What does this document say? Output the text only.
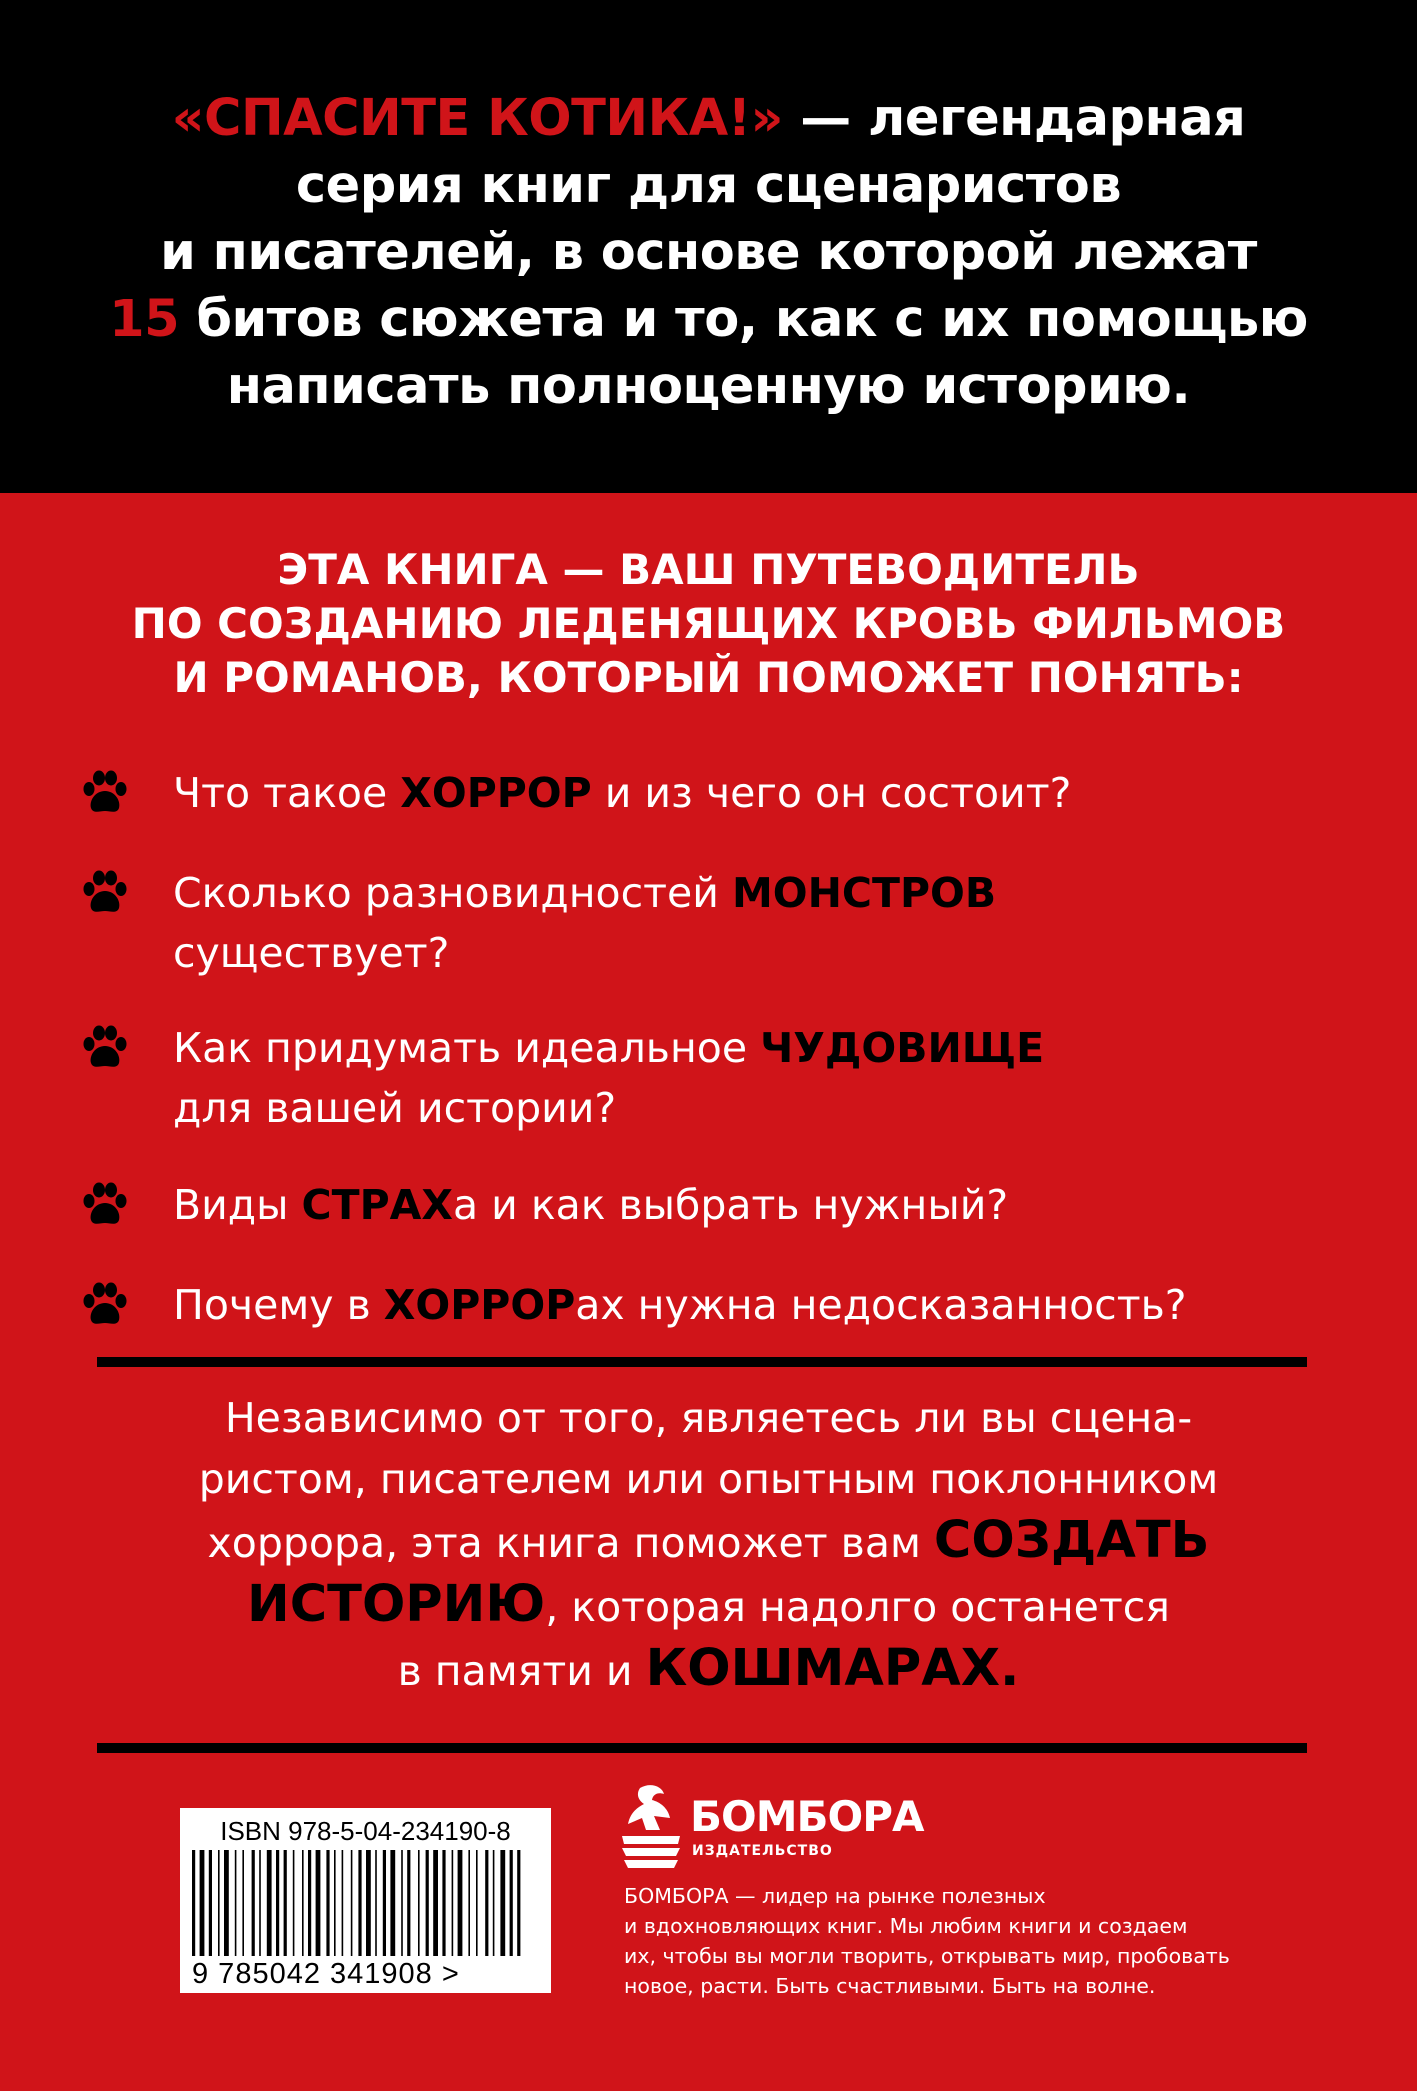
«СПАСИТЕ КОТИКА!» — легендарная
серия книг для сценаристов
и писателей, в основе которой лежат
15 битов сюжета и то, как с их помощью
написать полноценную историю.
ЭТА КНИГА — ВАШ ПУТЕВОДИТЕЛЬ
ПО СОЗДАНИЮ ЛЕДЕНЯЩИХ КРОВЬ ФИЛЬМОВ
И РОМАНОВ, КОТОРЫЙ ПОМОЖЕТ ПОНЯТЬ:
Что такое ХОРРОР и из чего он состоит?
Сколько разновидностей МОНСТРОВ
существует?
Как придумать идеальное ЧУДОВИЩЕ
для вашей истории?
Виды СТРАХа и как выбрать нужный?
Почему в ХОРРОРах нужна недосказанность?
Независимо от того, являетесь ли вы сцена-
ристом, писателем или опытным поклонником
хоррора, эта книга поможет вам СОЗДАТЬ
ИСТОРИЮ, которая надолго останется
в памяти и КОШМАРАХ.
ISBN 978-5-04-234190-8
9 785042 341908 >
БОМБОРА
ИЗДАТЕЛЬСТВО
БОМБОРА — лидер на рынке полезных
и вдохновляющих книг. Мы любим книги и создаем
их, чтобы вы могли творить, открывать мир, пробовать
новое, расти. Быть счастливыми. Быть на волне.
